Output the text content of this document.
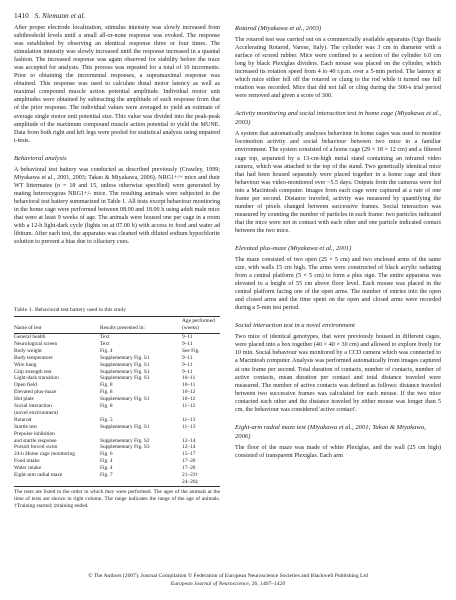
1410 S. Niemann et al.

After proper electrode localization, stimulus intensity was slowly increased from subthreshold levels until a small all-or-none response was evoked. The response was established by observing an identical response three or four times. The stimulation intensity was slowly increased until the response increased in a quantal fashion. The increased response was again observed for stability before the trace was accepted for analysis. This process was repeated for a total of 10 increments. Prior to obtaining the incremental responses, a supramaximal response was obtained. This response was used to calculate distal motor latency as well as maximal compound muscle action potential amplitude. Individual motor unit amplitudes were obtained by subtracting the amplitude of each response from that of the prior response. The individual values were averaged to yield an estimate of average single motor unit potential size. This value was divided into the peak-peak amplitude of the maximum compound muscle action potential to yield the MUNE. Data from both right and left legs were pooled for statistical analysis using unpaired t-tests.

Behavioral analysis

A behavioral test battery was conducted as described previously (Crawley, 1999; Miyakawa et al., 2001, 2003; Takao & Miyakawa, 2006). NRG1+/+ mice and their WT littermates (n = 18 and 15, unless otherwise specified) were generated by mating heterozygous NRG1+/- mice. The resulting animals were subjected to the behavioral test battery summarized in Table 1. All tests except behaviour monitoring in the home cage were performed between 08.00 and 18.00 h using adult male mice that were at least 9 weeks of age. The animals were housed one per cage in a room with a 12-h light-dark cycle (lights on at 07.00 h) with access to food and water ad libitum. After each test, the apparatus was cleaned with diluted sodium hypochlorite solution to prevent a bias due to olfactory cues.

Table 1. Behavioral test battery used in this study

Name of test	Results presented in:	Age performed
(weeks)

General health	Text	9–11
Neurological screen	Text	9–11
Body weight	Fig. 4	See Fig.
Body temperature	Supplementary Fig. S1	9–11
Wire hang	Supplementary Fig. S1	9–11
Grip strength test	Supplementary Fig. S1	9–11
Light-dark transition	Supplementary Fig. S1	10–11
Open field	Fig. 8	10–11
Elevated plus-maze	Fig. 8	10–12
Hot plate	Supplementary Fig. S1	10–12
Social interaction	Fig. 8	11–12
(novel environment)		
Rotarod	Fig. 5	11–13
Startle test	Supplementary Fig. S1	11–13
Prepulse inhibition		
and startle response	Supplementary Fig. S2	12–14
Porsolt forced swim	Supplementary Fig. S3	12–14
24-h Home cage monitoring	Fig. 6	15–17
Food intake	Fig. 4	17–20
Water intake	Fig. 4	17–20
Eight-arm radial maze	Fig. 7	21–23†
		24–26‡
The tests are listed in the order in which they were performed. The ages of the animals at the time of tests are shown in right column. The range indicates the range of the age of animals. †Training started; ‡training ended.
Rotarod (Miyakawa et al., 2003)

The rotarod test was carried out on a commercially available apparatus (Ugo Basile Accelerating Rotarod, Varese, Italy). The cylinder was 3 cm in diameter with a surface of scored rubber. Mice were confined to a section of the cylinder 6.0 cm long by black Plexiglas dividers. Each mouse was placed on the cylinder, which increased its rotation speed from 4 to 40 r.p.m. over a 5-min period. The latency at which mice either fell off the rotarod or clung to the rod while it turned one full rotation was recorded. Mice that did not fall or cling during the 300-s trial period were removed and given a score of 300.

Activity monitoring and social interaction test in home cage (Miyakawa et al., 2003)

A system that automatically analyses behaviour in home cages was used to monitor locomotion activity and social behaviour between two mice in a familiar environment. The system consisted of a home cage (29 × 18 × 12 cm) and a filtered cage top, separated by a 13-cm-high metal stand containing an infrared video camera, which was attached to the top of the stand. Two genetically identical mice that had been housed separately were placed together in a home cage and their behaviour was video-monitored over ~5.5 days. Outputs from the cameras were fed into a Macintosh computer. Images from each cage were captured at a rate of one frame per second. Distance traveled, activity was measured by quantifying the number of pixels changed between successive frames. Social interaction was measured by counting the number of particles in each frame: two particles indicated that the mice were not in contact with each other and one particle indicated contact between the two mice.

Elevated plus-maze (Miyakawa et al., 2001)

The maze consisted of two open (25 × 5 cm) and two enclosed arms of the same size, with walls 15 cm high. The arms were constructed of black acrylic radiating from a central platform (5 × 5 cm) to form a plus sign. The entire apparatus was elevated to a height of 55 cm above floor level. Each mouse was placed in the central platform facing one of the open arms. The number of entries into the open and closed arms and the time spent on the open and closed arms were recorded during a 5-min test period.

Social interaction test in a novel environment

Two mice of identical genotypes, that were previously housed in different cages, were placed into a box together (40 × 40 × 30 cm) and allowed to explore freely for 10 min. Social behaviour was monitored by a CCD camera which was connected to a Macintosh computer. Analysis was performed automatically from images captured at one frame per second. Total duration of contacts, number of contacts, number of active contacts, mean duration per contact and total distance traveled were measured. The number of active contacts was defined as follows: distance traveled between two successive frames was calculated for each mouse. If the two mice contacted each other and the distance traveled by either mouse was longer than 5 cm, the behaviour was considered 'active contact'.

Eight-arm radial maze test (Miyakawa et al., 2001; Takao & Miyakawa, 2006)

The floor of the maze was made of white Plexiglas, and the wall (25 cm high) consisted of transparent Plexiglas. Each arm

© The Authors (2007). Journal Compilation © Federation of European Neuroscience Societies and Blackwell Publishing Ltd
European Journal of Neuroscience, 26, 1407–1420
